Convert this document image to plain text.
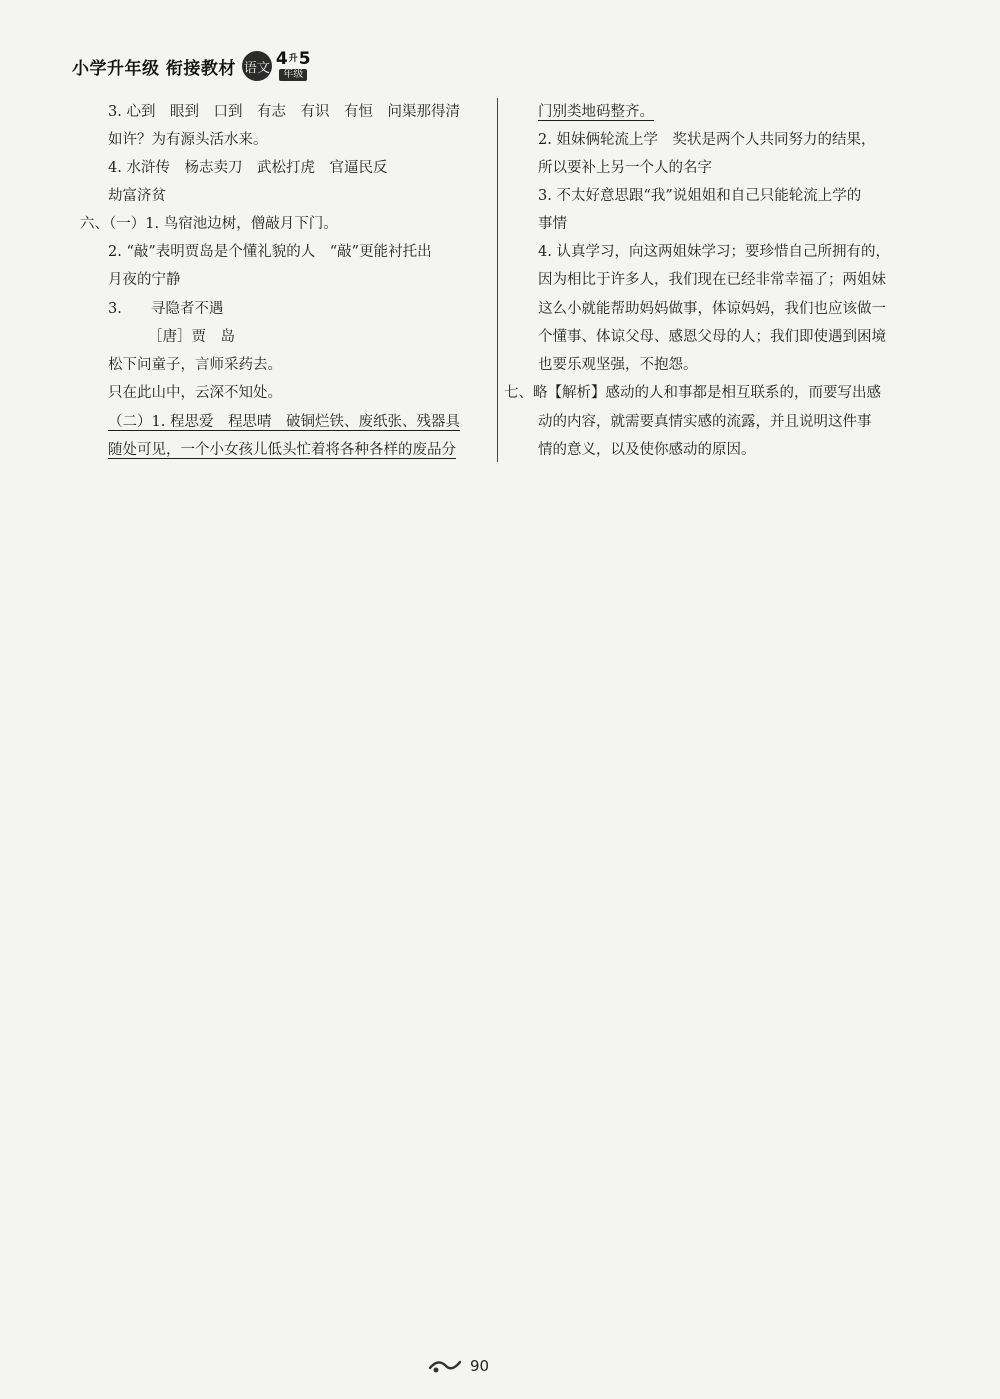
小学升年级 衔接教材 语文 4升5
年级
3. 心到　眼到　口到　有志　有识　有恒　问渠那得清
如许？为有源头活水来。
4. 水浒传　杨志卖刀　武松打虎　官逼民反
劫富济贫
六、（一）1. 鸟宿池边树，僧敲月下门。
2. “敲”表明贾岛是个懂礼貌的人　“敲”更能衬托出
月夜的宁静
3.　　寻隐者不遇
［唐］贾　岛
松下问童子，言师采药去。
只在此山中，云深不知处。
（二）1. 程思爱　程思晴　破铜烂铁、废纸张、残器具
随处可见，一个小女孩儿低头忙着将各种各样的废品分
门别类地码整齐。
2. 姐妹俩轮流上学　奖状是两个人共同努力的结果，
所以要补上另一个人的名字
3. 不太好意思跟“我”说姐姐和自己只能轮流上学的
事情
4. 认真学习，向这两姐妹学习；要珍惜自己所拥有的，
因为相比于许多人，我们现在已经非常幸福了；两姐妹
这么小就能帮助妈妈做事，体谅妈妈，我们也应该做一
个懂事、体谅父母、感恩父母的人；我们即使遇到困境
也要乐观坚强，不抱怨。
七、略【解析】感动的人和事都是相互联系的，而要写出感
动的内容，就需要真情实感的流露，并且说明这件事
情的意义，以及使你感动的原因。
90
